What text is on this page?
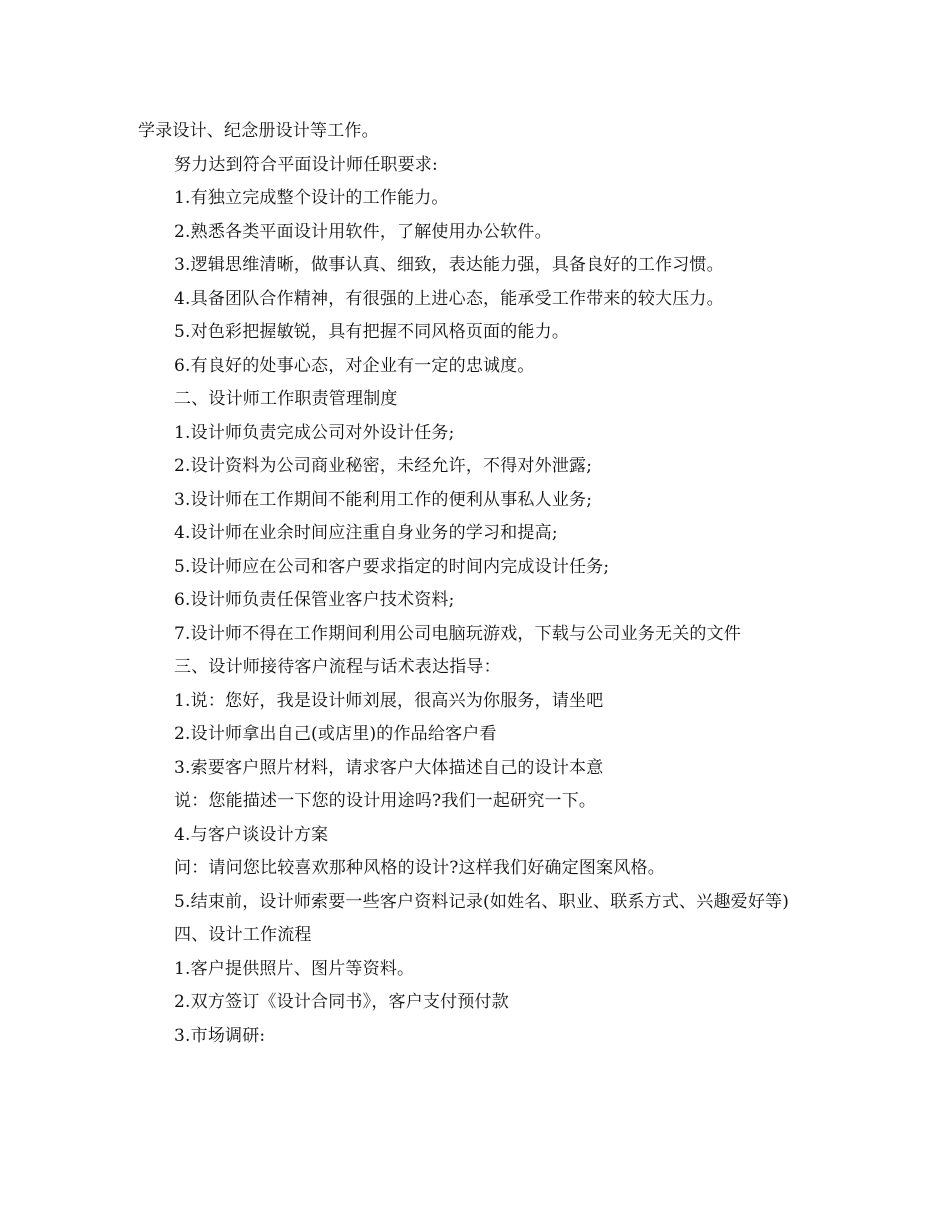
学录设计、纪念册设计等工作。
努力达到符合平面设计师任职要求:
1.有独立完成整个设计的工作能力。
2.熟悉各类平面设计用软件，了解使用办公软件。
3.逻辑思维清晰，做事认真、细致，表达能力强，具备良好的工作习惯。
4.具备团队合作精神，有很强的上进心态，能承受工作带来的较大压力。
5.对色彩把握敏锐，具有把握不同风格页面的能力。
6.有良好的处事心态，对企业有一定的忠诚度。
二、设计师工作职责管理制度
1.设计师负责完成公司对外设计任务;
2.设计资料为公司商业秘密，未经允许，不得对外泄露;
3.设计师在工作期间不能利用工作的便利从事私人业务;
4.设计师在业余时间应注重自身业务的学习和提高;
5.设计师应在公司和客户要求指定的时间内完成设计任务;
6.设计师负责任保管业客户技术资料;
7.设计师不得在工作期间利用公司电脑玩游戏，下载与公司业务无关的文件
三、设计师接待客户流程与话术表达指导：
1.说：您好，我是设计师刘展，很高兴为你服务，请坐吧
2.设计师拿出自己(或店里)的作品给客户看
3.索要客户照片材料，请求客户大体描述自己的设计本意
说：您能描述一下您的设计用途吗?我们一起研究一下。
4.与客户谈设计方案
问：请问您比较喜欢那种风格的设计?这样我们好确定图案风格。
5.结束前，设计师索要一些客户资料记录(如姓名、职业、联系方式、兴趣爱好等)
四、设计工作流程
1.客户提供照片、图片等资料。
2.双方签订《设计合同书》，客户支付预付款
3.市场调研:
